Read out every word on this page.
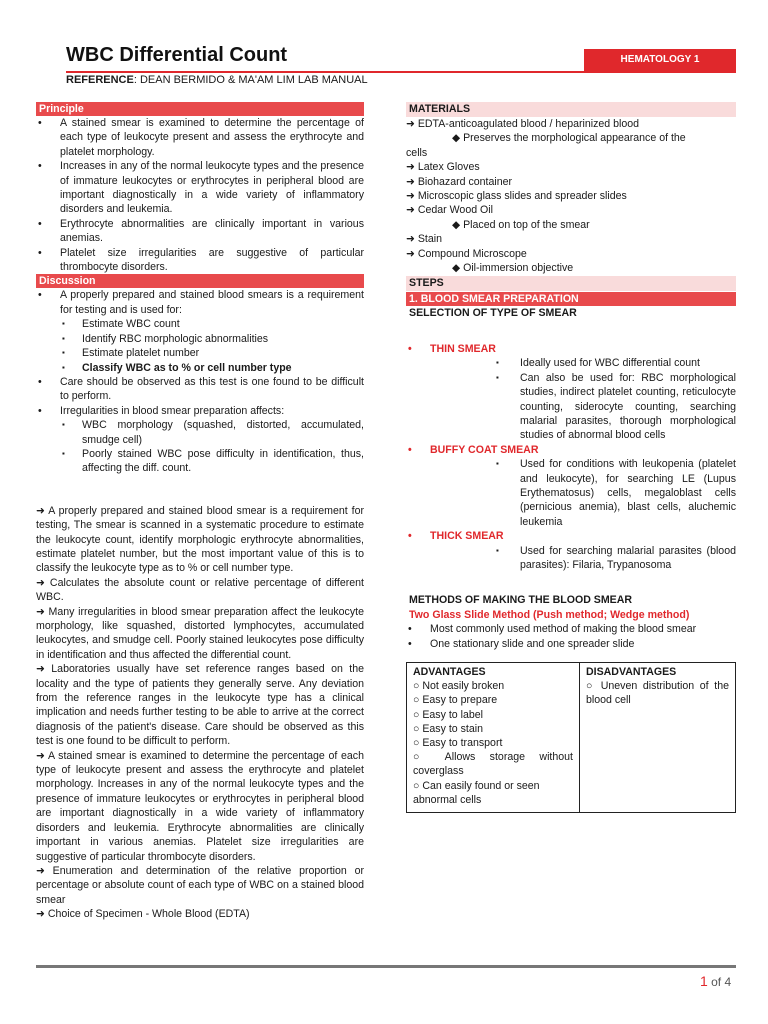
WBC Differential Count	HEMATOLOGY 1
REFERENCE: DEAN BERMIDO & MA'AM LIM LAB MANUAL
Principle
• A stained smear is examined to determine the percentage of each type of leukocyte present and assess the erythrocyte and platelet morphology.
• Increases in any of the normal leukocyte types and the presence of immature leukocytes or erythrocytes in peripheral blood are important diagnostically in a wide variety of inflammatory disorders and leukemia.
• Erythrocyte abnormalities are clinically important in various anemias.
• Platelet size irregularities are suggestive of particular thrombocyte disorders.
Discussion
• A properly prepared and stained blood smears is a requirement for testing and is used for:
▪ Estimate WBC count
▪ Identify RBC morphologic abnormalities
▪ Estimate platelet number
▪ Classify WBC as to % or cell number type
• Care should be observed as this test is one found to be difficult to perform.
• Irregularities in blood smear preparation affects:
▪ WBC morphology (squashed, distorted, accumulated, smudge cell)
▪ Poorly stained WBC pose difficulty in identification, thus, affecting the diff. count.

➜ A properly prepared and stained blood smear is a requirement for testing, The smear is scanned in a systematic procedure to estimate the leukocyte count, identify morphologic erythrocyte abnormalities, estimate platelet number, but the most important value of this is to classify the leukocyte type as to % or cell number type.

➜ Calculates the absolute count or relative percentage of different WBC.

➜ Many irregularities in blood smear preparation affect the leukocyte morphology, like squashed, distorted lymphocytes, accumulated leukocytes, and smudge cell. Poorly stained leukocytes pose difficulty in identification and thus affected the differential count.

➜ Laboratories usually have set reference ranges based on the locality and the type of patients they generally serve. Any deviation from the reference ranges in the leukocyte type has a clinical implication and needs further testing to be able to arrive at the correct diagnosis of the patient's disease. Care should be observed as this test is one found to be difficult to perform.

➜ A stained smear is examined to determine the percentage of each type of leukocyte present and assess the erythrocyte and platelet morphology. Increases in any of the normal leukocyte types and the presence of immature leukocytes or erythrocytes in peripheral blood are important diagnostically in a wide variety of inflammatory disorders and leukemia. Erythrocyte abnormalities are clinically important in various anemias. Platelet size irregularities are suggestive of particular thrombocyte disorders.

➜ Enumeration and determination of the relative proportion or percentage or absolute count of each type of WBC on a stained blood smear

➜ Choice of Specimen - Whole Blood (EDTA)

MATERIALS
➜ EDTA-anticoagulated blood / heparinized blood
◆ Preserves the morphological appearance of the
cells
➜ Latex Gloves
➜ Biohazard container
➜ Microscopic glass slides and spreader slides
➜ Cedar Wood Oil
◆ Placed on top of the smear
➜ Stain
➜ Compound Microscope
◆ Oil-immersion objective
STEPS
1. BLOOD SMEAR PREPARATION
SELECTION OF TYPE OF SMEAR
• THIN SMEAR
▪ Ideally used for WBC differential count
▪ Can also be used for: RBC morphological studies, indirect platelet counting, reticulocyte counting, siderocyte counting, searching malarial parasites, thorough morphological studies of abnormal blood cells
• BUFFY COAT SMEAR
▪ Used for conditions with leukopenia (platelet and leukocyte), for searching LE (Lupus Erythematosus) cells, megaloblast cells (pernicious anemia), blast cells, aluchemic leukemia
• THICK SMEAR
▪ Used for searching malarial parasites (blood parasites): Filaria, Trypanosoma
METHODS OF MAKING THE BLOOD SMEAR
Two Glass Slide Method (Push method; Wedge method)
• Most commonly used method of making the blood smear
• One stationary slide and one spreader slide
ADVANTAGES
○ Not easily broken
○ Easy to prepare
○ Easy to label
○ Easy to stain
○ Easy to transport
○ Allows storage without coverglass
○ Can easily found or seen abnormal cells

DISADVANTAGES
○ Uneven distribution of the blood cell
1 of 4
